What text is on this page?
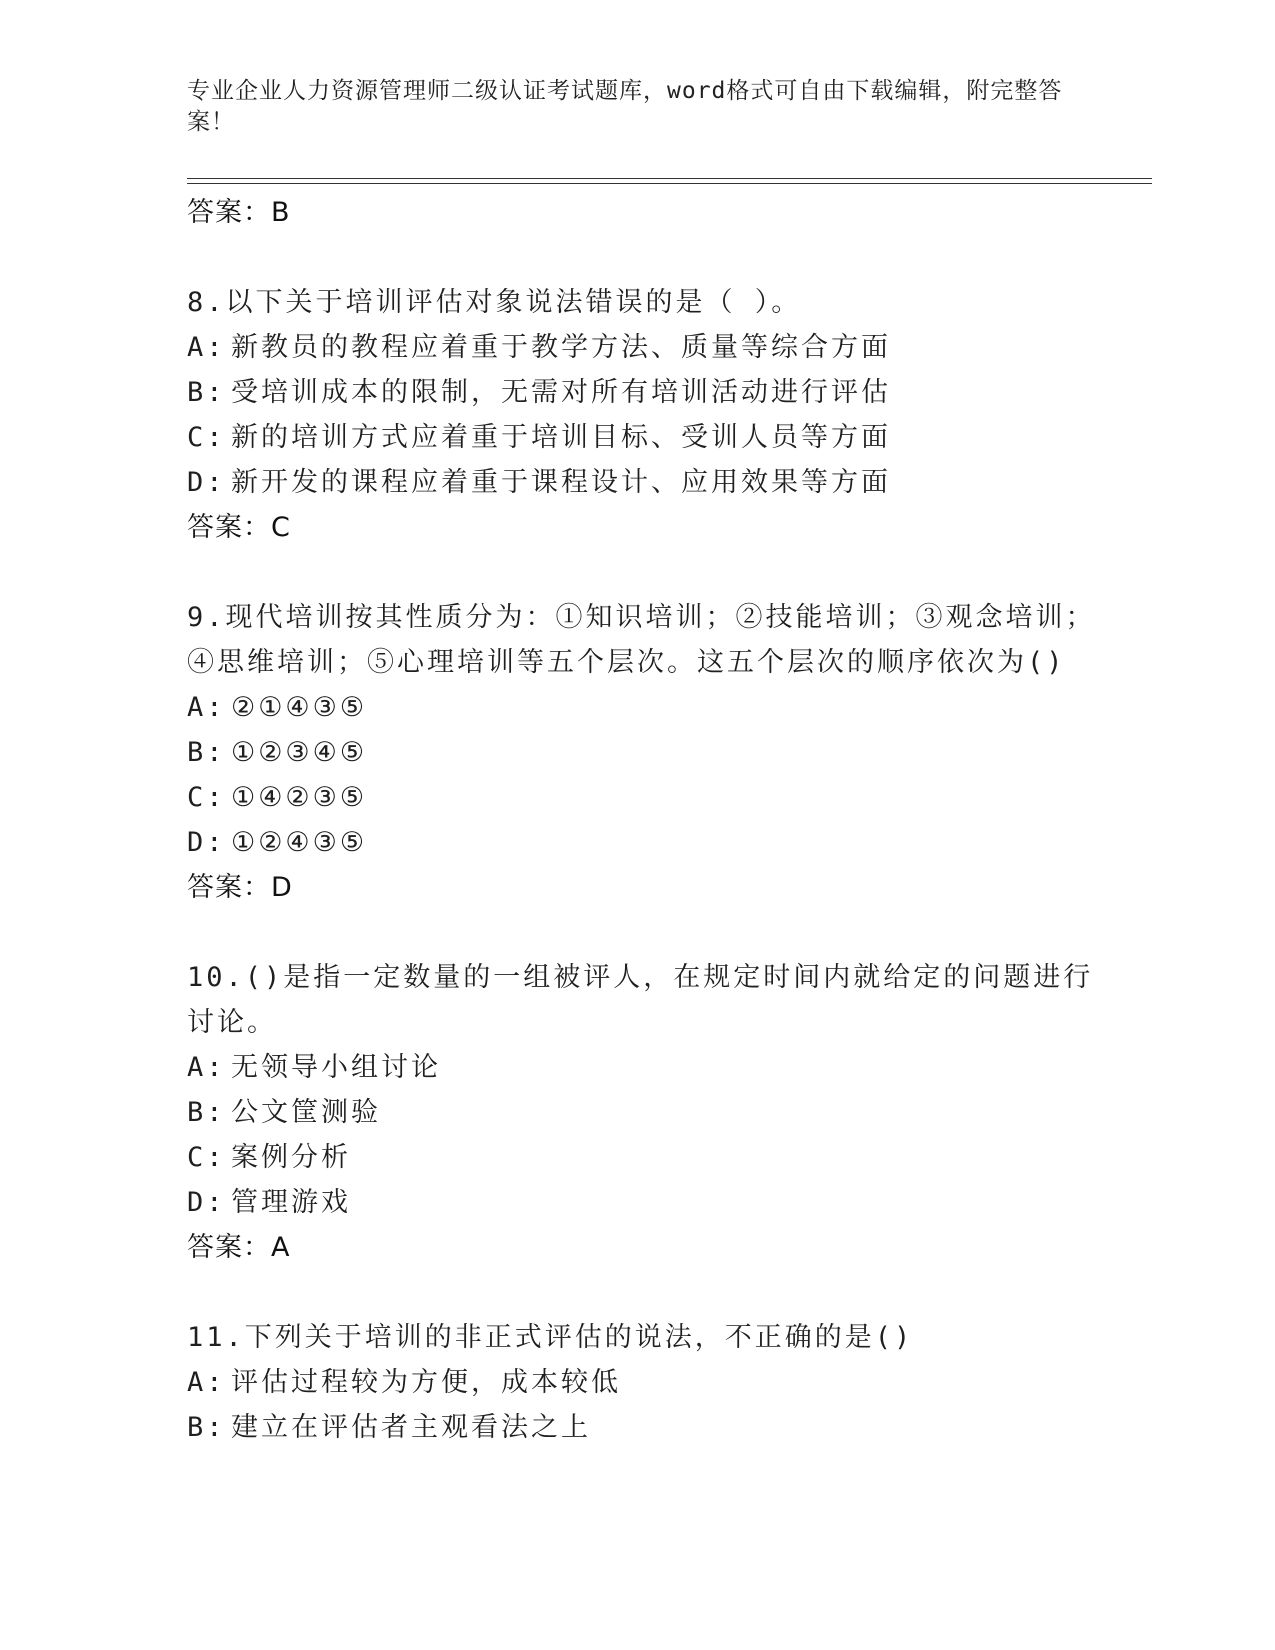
专业企业人力资源管理师二级认证考试题库，word格式可自由下载编辑，附完整答案！
答案：B
8.以下关于培训评估对象说法错误的是（ ）。
A: 新教员的教程应着重于教学方法、质量等综合方面
B: 受培训成本的限制，无需对所有培训活动进行评估
C: 新的培训方式应着重于培训目标、受训人员等方面
D: 新开发的课程应着重于课程设计、应用效果等方面
答案：C
9.现代培训按其性质分为：①知识培训；②技能培训；③观念培训；④思维培训；⑤心理培训等五个层次。这五个层次的顺序依次为()
A: ②①④③⑤
B: ①②③④⑤
C: ①④②③⑤
D: ①②④③⑤
答案：D
10.()是指一定数量的一组被评人，在规定时间内就给定的问题进行讨论。
A: 无领导小组讨论
B: 公文筐测验
C: 案例分析
D: 管理游戏
答案：A
11.下列关于培训的非正式评估的说法，不正确的是()
A: 评估过程较为方便，成本较低
B: 建立在评估者主观看法之上
